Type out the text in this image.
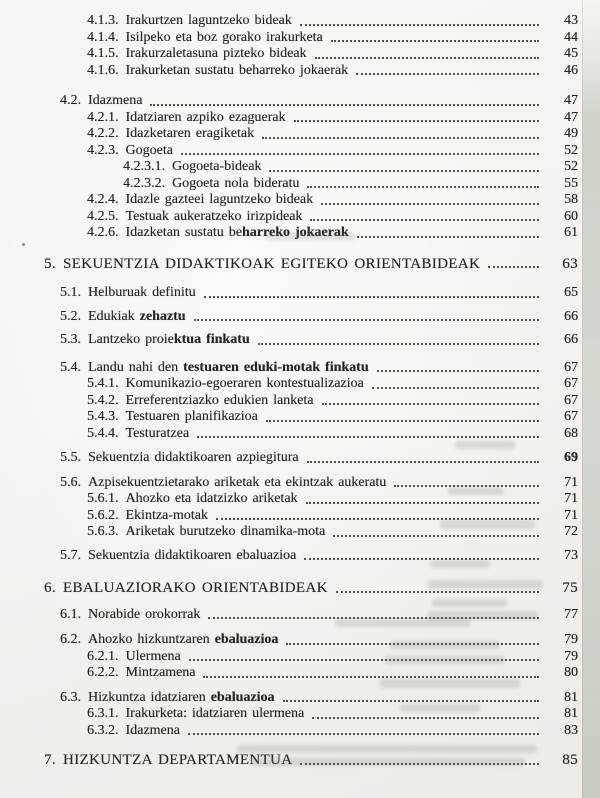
4.1.3. Irakurtzen laguntzeko bideak	43
4.1.4. Isilpeko eta boz gorako irakurketa	44
4.1.5. Irakurzaletasuna pizteko bideak	45
4.1.6. Irakurketan sustatu beharreko jokaerak	46
4.2. Idazmena	47
4.2.1. Idatziaren azpiko ezaguerak	47
4.2.2. Idazketaren eragiketak	49
4.2.3. Gogoeta	52
4.2.3.1. Gogoeta-bideak	52
4.2.3.2. Gogoeta nola bideratu	55
4.2.4. Idazle gazteei laguntzeko bideak	58
4.2.5. Testuak aukeratzeko irizpideak	60
4.2.6. Idazketan sustatu beharreko jokaerak	61
5. SEKUENTZIA DIDAKTIKOAK EGITEKO ORIENTABIDEAK	63
5.1. Helburuak definitu	65
5.2. Edukiak zehaztu	66
5.3. Lantzeko proiektua finkatu	66
5.4. Landu nahi den testuaren eduki-motak finkatu	67
5.4.1. Komunikazio-egoeraren kontestualizazioa	67
5.4.2. Erreferentziazko edukien lanketa	67
5.4.3. Testuaren planifikazioa	67
5.4.4. Testuratzea	68
5.5. Sekuentzia didaktikoaren azpiegitura	69
5.6. Azpisekuentzietarako ariketak eta ekintzak aukeratu	71
5.6.1. Ahozko eta idatzizko ariketak	71
5.6.2. Ekintza-motak	71
5.6.3. Ariketak burutzeko dinamika-mota	72
5.7. Sekuentzia didaktikoaren ebaluazioa	73
6. EBALUAZIORAKO ORIENTABIDEAK	75
6.1. Norabide orokorrak	77
6.2. Ahozko hizkuntzaren ebaluazioa	79
6.2.1. Ulermena	79
6.2.2. Mintzamena	80
6.3. Hizkuntza idatziaren ebaluazioa	81
6.3.1. Irakurketa: idatziaren ulermena	81
6.3.2. Idazmena	83
7. HIZKUNTZA DEPARTAMENTUA	85
